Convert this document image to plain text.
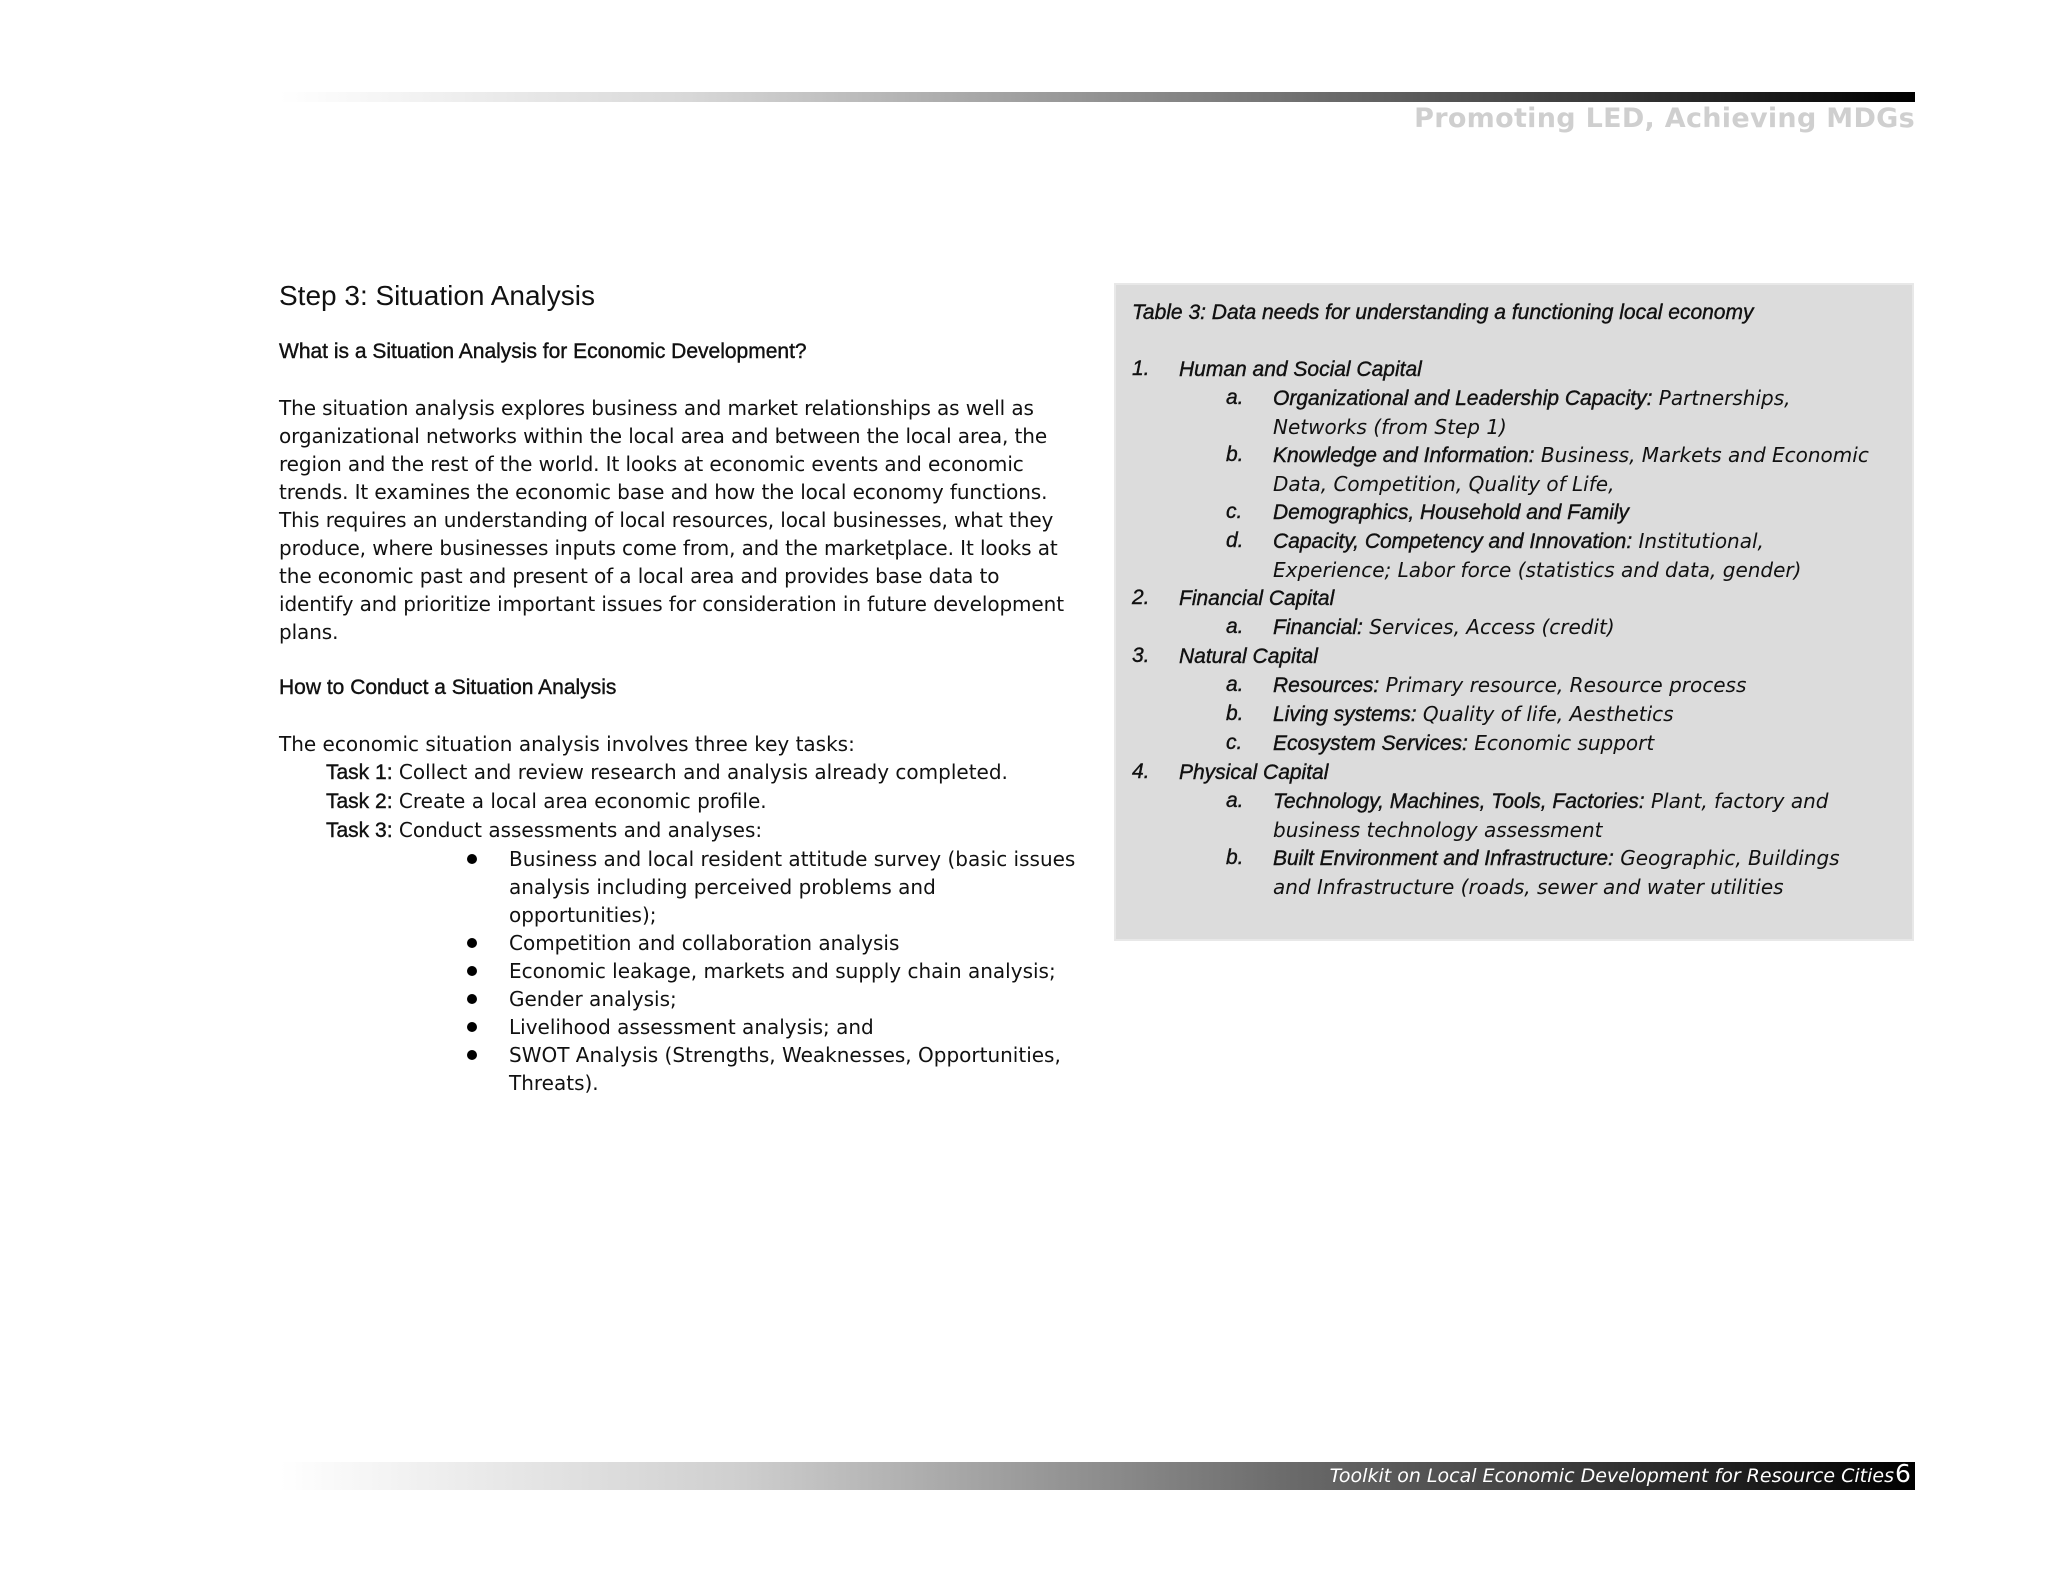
Promoting LED, Achieving MDGs
Step 3: Situation Analysis
What is a Situation Analysis for Economic Development?

The situation analysis explores business and market relationships as well as organizational networks within the local area and between the local area, the region and the rest of the world. It looks at economic events and economic trends. It examines the economic base and how the local economy functions. This requires an understanding of local resources, local businesses, what they produce, where businesses inputs come from, and the marketplace. It looks at the economic past and present of a local area and provides base data to identify and prioritize important issues for consideration in future development plans.

How to Conduct a Situation Analysis
The economic situation analysis involves three key tasks:
Task 1: Collect and review research and analysis already completed.
Task 2: Create a local area economic profile.
Task 3: Conduct assessments and analyses:
Business and local resident attitude survey (basic issues analysis including perceived problems and opportunities);
Competition and collaboration analysis
Economic leakage, markets and supply chain analysis;
Gender analysis;
Livelihood assessment analysis; and
SWOT Analysis (Strengths, Weaknesses, Opportunities, Threats).
Table 3: Data needs for understanding a functioning local economy
1. Human and Social Capital
a. Organizational and Leadership Capacity: Partnerships, Networks (from Step 1)
b. Knowledge and Information: Business, Markets and Economic Data, Competition, Quality of Life,
c. Demographics, Household and Family
d. Capacity, Competency and Innovation: Institutional, Experience; Labor force (statistics and data, gender)
2. Financial Capital
a. Financial: Services, Access (credit)
3. Natural Capital
a. Resources: Primary resource, Resource process
b. Living systems: Quality of life, Aesthetics
c. Ecosystem Services: Economic support
4. Physical Capital
a. Technology, Machines, Tools, Factories: Plant, factory and business technology assessment
b. Built Environment and Infrastructure: Geographic, Buildings and Infrastructure (roads, sewer and water utilities
Toolkit on Local Economic Development for Resource Cities 6
